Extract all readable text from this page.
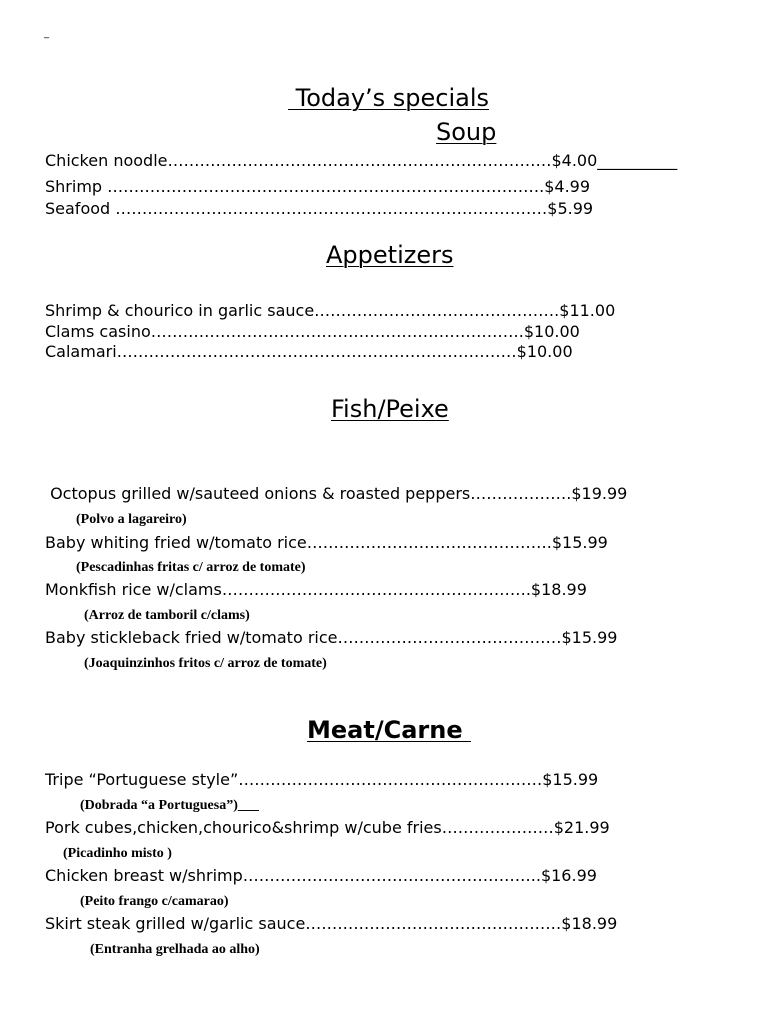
_
Today’s specials
Soup
Chicken noodle………………………………………………………………$4.00__________
Shrimp ……………………………………………………………………….$4.99
Seafood ………………………………………………………………………$5.99
Appetizers
Shrimp & chourico in garlic sauce……………………………………….$11.00
Clams casino…………………………………………………………….$10.00
Calamari…………………………………………………………………$10.00
Fish/Peixe
Octopus grilled w/sauteed onions & roasted peppers……………….$19.99
(Polvo a lagareiro)
Baby whiting fried w/tomato rice……………………………………….$15.99
(Pescadinhas fritas c/ arroz de tomate)
Monkfish rice w/clams………………………………………………….$18.99
(Arroz de tamboril c/clams)
Baby stickleback fried w/tomato rice……………………………………$15.99
(Joaquinzinhos fritos c/ arroz de tomate)
Meat/Carne
Tripe “Portuguese style”…………………………………………………$15.99
(Dobrada “a Portuguesa”)___
Pork cubes,chicken,chourico&shrimp w/cube fries…………………$21.99
(Picadinho misto )
Chicken breast w/shrimp………………………………………………..$16.99
(Peito frango c/camarao)
Skirt steak grilled w/garlic sauce…………………………………………$18.99
(Entranha grelhada ao alho)
